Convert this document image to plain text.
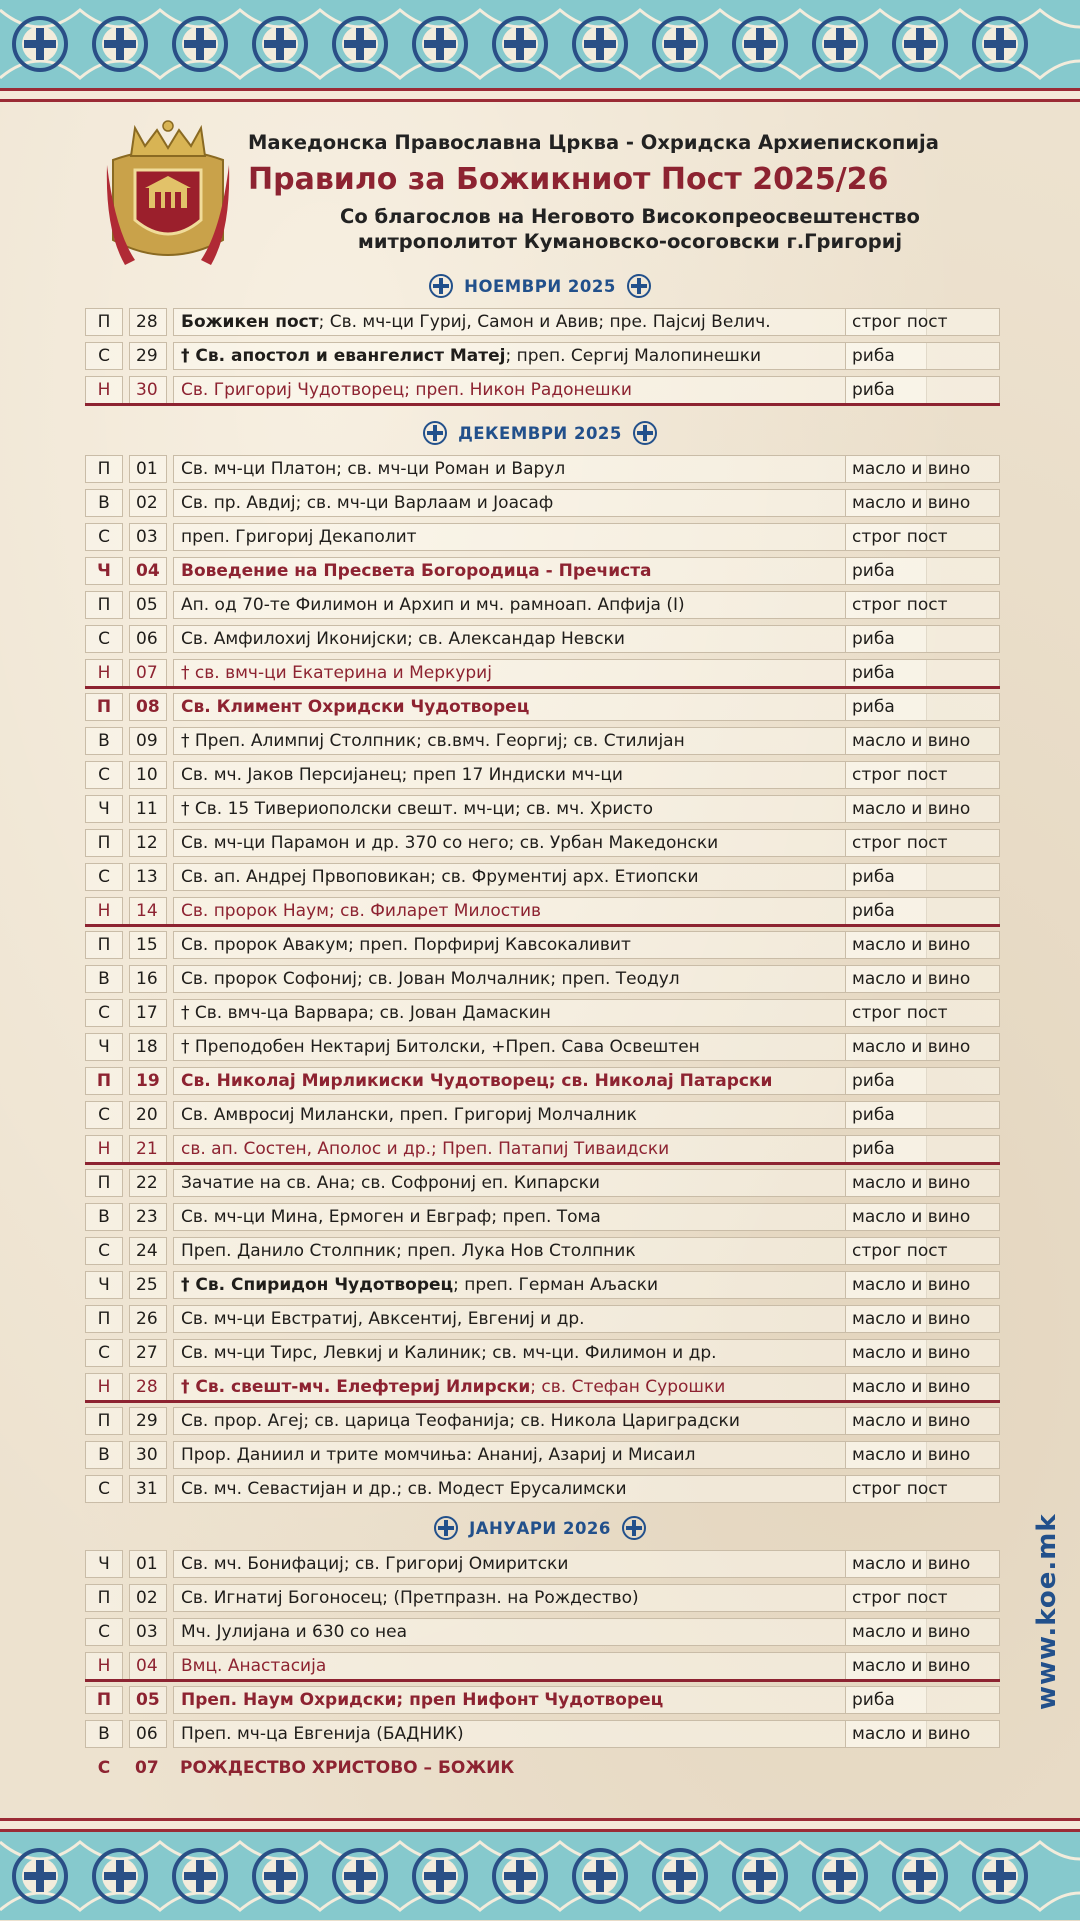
Македонска Православна Црква - Охридска Архиепископија
Правило за Божикниот Пост 2025/26
Со благослов на Неговото Високопреосвештенство
митрополитот Кумановско-осоговски г.Григориј
НОЕМВРИ 2025
ДЕКЕМВРИ 2025
ЈАНУАРИ 2026
П	28	Божикен пост ; Св. мч-ци Гуриј, Самон и Авив; пре. Пајсиј Велич.	строг пост
С	29	† Св. апостол и евангелист Матеј ; преп. Сергиј Малопинешки	риба
Н	30	Св. Григориј Чудотворец; преп. Никон Радонешки	риба
П	01	Св. мч-ци Платон; св. мч-ци Роман и Варул	масло и вино
В	02	Св. пр. Авдиј; св. мч-ци Варлаам и Јоасаф	масло и вино
С	03	преп. Григориј Декаполит	строг пост
Ч	04	Воведение на Пресвета Богородица - Пречиста	риба
П	05	Ап. од 70-те Филимон и Архип и мч. рамноап. Апфија (I)	строг пост
С	06	Св. Амфилохиј Иконијски; св. Александар Невски	риба
Н	07	† св. вмч-ци Екатерина и Меркуриј	риба
П	08	Св. Климент Охридски Чудотворец	риба
В	09	† Преп. Алимпиј Столпник; св.вмч. Георгиј; св. Стилијан	масло и вино
С	10	Св. мч. Јаков Персијанец; преп 17 Индиски мч-ци	строг пост
Ч	11	† Св. 15 Тивериополски свешт. мч-ци; св. мч. Христо	масло и вино
П	12	Св. мч-ци Парамон и др. 370 со него; св. Урбан Македонски	строг пост
С	13	Св. ап. Андреј Првоповикан; св. Фрументиј арх. Етиопски	риба
Н	14	Св. пророк Наум; св. Филарет Милостив	риба
П	15	Св. пророк Авакум; преп. Порфириј Кавсокаливит	масло и вино
В	16	Св. пророк Софониј; св. Јован Молчалник; преп. Теодул	масло и вино
С	17	† Св. вмч-ца Варвара; св. Јован Дамаскин	строг пост
Ч	18	† Преподобен Нектариј Битолски, +Преп. Сава Освештен	масло и вино
П	19	Св. Николај Мирликиски Чудотворец ; св. Николај Патарски	риба
С	20	Св. Амвросиј Милански, преп. Григориј Молчалник	риба
Н	21	св. ап. Состен, Аполос и др.; Преп. Патапиј Тиваидски	риба
П	22	Зачатие на св. Ана; св. Софрониј еп. Кипарски	масло и вино
В	23	Св. мч-ци Мина, Ермоген и Евграф; преп. Тома	масло и вино
С	24	Преп. Данило Столпник; преп. Лука Нов Столпник	строг пост
Ч	25	† Св. Спиридон Чудотворец ; преп. Герман Аљаски	масло и вино
П	26	Св. мч-ци Евстратиј, Авксентиј, Евгениј и др.	масло и вино
С	27	Св. мч-ци Тирс, Левкиј и Калиник; св. мч-ци. Филимон и др.	масло и вино
Н	28	† Св. свешт-мч. Елефтериј Илирски ; св. Стефан Сурошки	масло и вино
П	29	Св. прор. Агеј; св. царица Теофанија; св. Никола Цариградски	масло и вино
В	30	Прор. Даниил и трите момчиња: Ананиј, Азариј и Мисаил	масло и вино
С	31	Св. мч. Севастијан и др.; св. Модест Ерусалимски	строг пост
Ч	01	Св. мч. Бонифациј; св. Григориј Омиритски	масло и вино
П	02	Св. Игнатиј Богоносец; (Претпразн. на Рождество)	строг пост
С	03	Мч. Јулијана и 630 со неа	масло и вино
Н	04	Вмц. Анастасија	масло и вино
П	05	Преп. Наум Охридски; преп Нифонт Чудотворец	риба
В	06	Преп. мч-ца Евгенија (БАДНИК)	масло и вино
С	07	РОЖДЕСТВО ХРИСТОВО – БОЖИК
www.koe.mk
